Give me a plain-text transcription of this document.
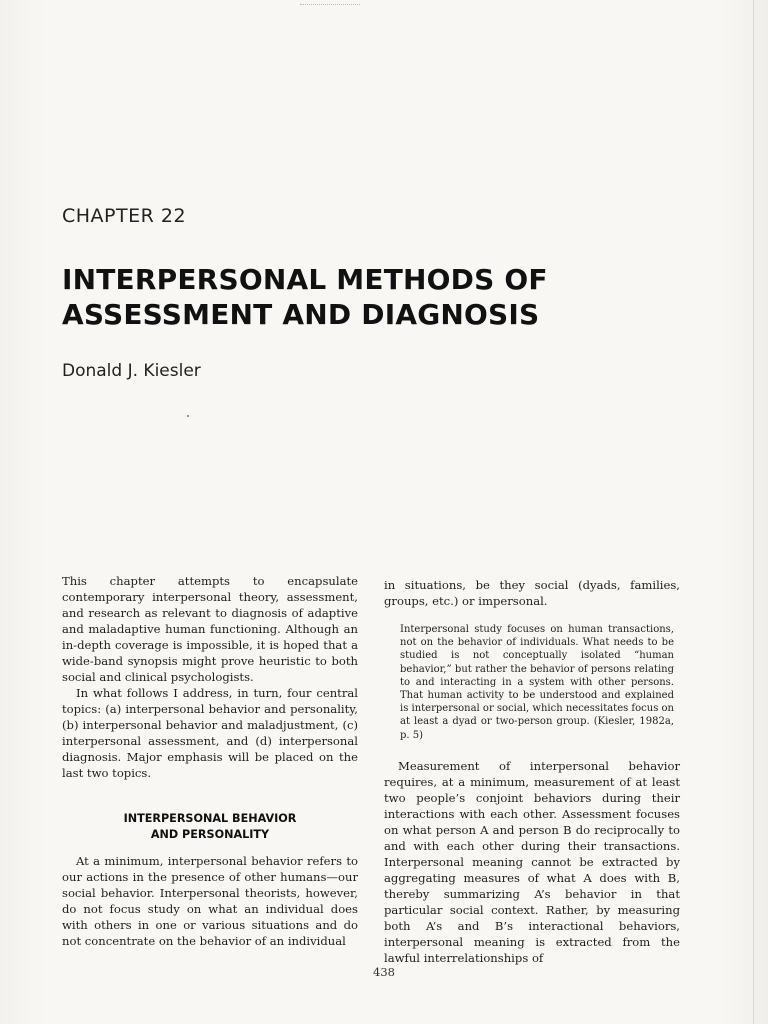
CHAPTER 22
INTERPERSONAL METHODS OF
ASSESSMENT AND DIAGNOSIS
Donald J. Kiesler

This chapter attempts to encapsulate contemporary interpersonal theory, assessment, and research as relevant to diagnosis of adaptive and maladaptive human functioning. Although an in-depth coverage is impossible, it is hoped that a wide-band synopsis might prove heuristic to both social and clinical psychologists.

In what follows I address, in turn, four central topics: (a) interpersonal behavior and personality, (b) interpersonal behavior and maladjustment, (c) interpersonal assessment, and (d) interpersonal diagnosis. Major emphasis will be placed on the last two topics.

INTERPERSONAL BEHAVIOR
AND PERSONALITY

At a minimum, interpersonal behavior refers to our actions in the presence of other humans—our social behavior. Interpersonal theorists, however, do not focus study on what an individual does with others in one or various situations and do not concentrate on the behavior of an individual

in situations, be they social (dyads, families, groups, etc.) or impersonal.

Interpersonal study focuses on human transactions, not on the behavior of individuals. What needs to be studied is not conceptually isolated “human behavior,” but rather the behavior of persons relating to and interacting in a system with other persons. That human activity to be understood and explained is interpersonal or social, which necessitates focus on at least a dyad or two-person group. (Kiesler, 1982a, p. 5)

Measurement of interpersonal behavior requires, at a minimum, measurement of at least two people’s conjoint behaviors during their interactions with each other. Assessment focuses on what person A and person B do reciprocally to and with each other during their transactions. Interpersonal meaning cannot be extracted by aggregating measures of what A does with B, thereby summarizing A’s behavior in that particular social context. Rather, by measuring both A’s and B’s interactional behaviors, interpersonal meaning is extracted from the lawful interrelationships of

438
